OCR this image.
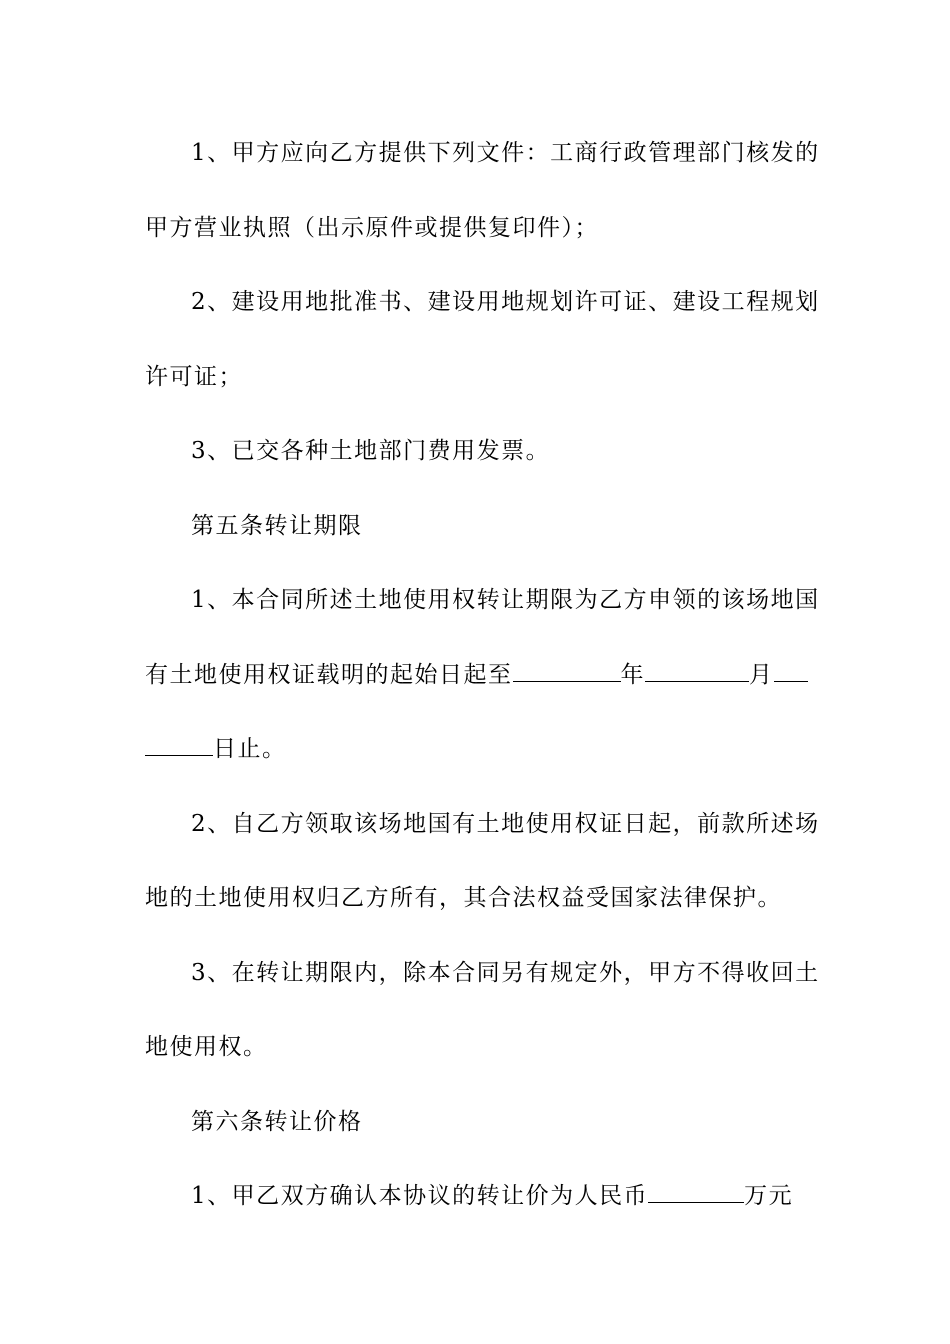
1、甲方应向乙方提供下列文件：工商行政管理部门核发的
甲方营业执照（出示原件或提供复印件）；
2、建设用地批准书、建设用地规划许可证、建设工程规划
许可证；
3、已交各种土地部门费用发票。
第五条转让期限
1、本合同所述土地使用权转让期限为乙方申领的该场地国
有土地使用权证载明的起始日起至	年	月
日止。
2、自乙方领取该场地国有土地使用权证日起，前款所述场
地的土地使用权归乙方所有，其合法权益受国家法律保护。
3、在转让期限内，除本合同另有规定外，甲方不得收回土
地使用权。
第六条转让价格
1、甲乙双方确认本协议的转让价为人民币	万元
